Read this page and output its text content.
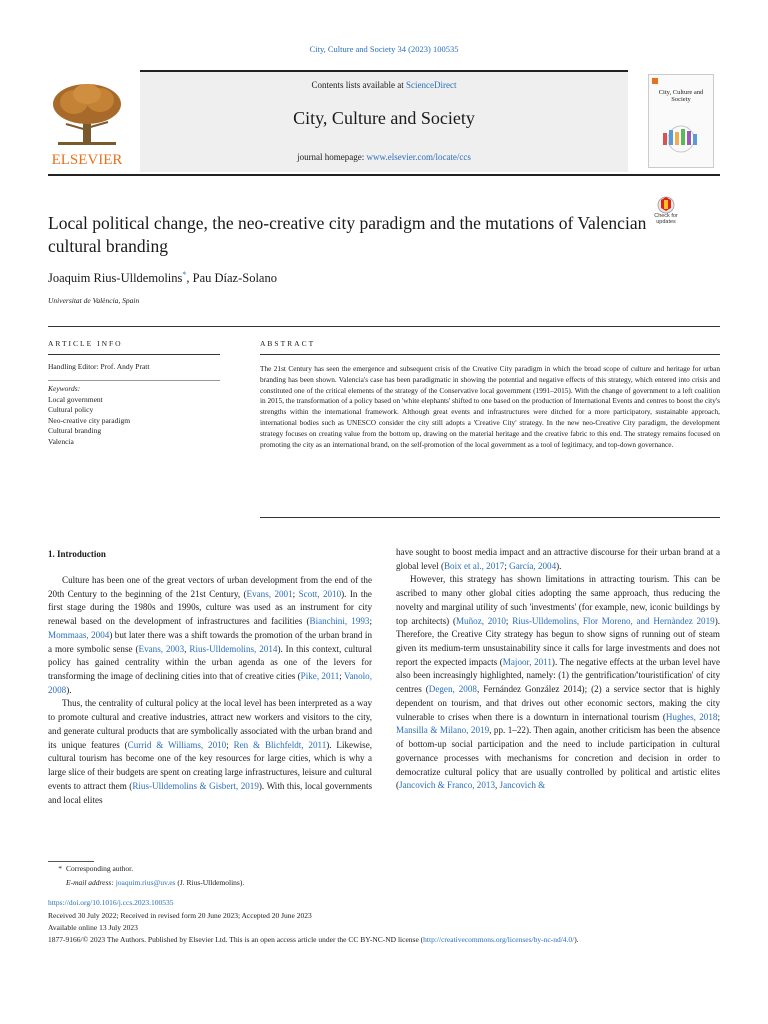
City, Culture and Society 34 (2023) 100535
ELSEVIER
Contents lists available at ScienceDirect
City, Culture and Society
journal homepage: www.elsevier.com/locate/ccs
City, Culture and Society
Local political change, the neo-creative city paradigm and the mutations of Valencian cultural branding
Check for
updates
Joaquim Rius-Ulldemolins*, Pau Díaz-Solano
Universitat de València, Spain
ARTICLE INFO
Handling Editor: Prof. Andy Pratt
Keywords:
Local government
Cultural policy
Neo-creative city paradigm
Cultural branding
Valencia
ABSTRACT
The 21st Century has seen the emergence and subsequent crisis of the Creative City paradigm in which the broad scope of culture and heritage for urban branding has been shown. Valencia's case has been paradigmatic in showing the potential and negative effects of this strategy, which entered into crisis and constituted one of the critical elements of the strategy of the Conservative local government (1991–2015). With the change of government to a left coalition in 2015, the transformation of a policy based on 'white elephants' shifted to one based on the production of International Events and centres to boost the city's strengths within the international framework. Although great events and infrastructures were ditched for a more participatory, sustainable approach, international bodies such as UNESCO consider the city still adopts a 'Creative City' strategy. In the new neo-Creative City paradigm, the development strategy focuses on creating value from the bottom up, drawing on the material heritage and the creative fabric to this end. The strategy remains focused on promoting the city as an international brand, on the self-promotion of the local government as a tool of legitimacy, and top-down governance.
1. Introduction

Culture has been one of the great vectors of urban development from the end of the 20th Century to the beginning of the 21st Century, (Evans, 2001; Scott, 2010). In the first stage during the 1980s and 1990s, culture was used as an instrument for city renewal based on the development of infrastructures and facilities (Bianchini, 1993; Mommaas, 2004) but later there was a shift towards the promotion of the urban brand in a more symbolic sense (Evans, 2003, Rius-Ulldemolins, 2014). In this context, cultural policy has gained centrality within the urban agenda as one of the levers for transforming the image of declining cities into that of creative cities (Pike, 2011; Vanolo, 2008).

Thus, the centrality of cultural policy at the local level has been interpreted as a way to promote cultural and creative industries, attract new workers and visitors to the city, and generate cultural products that are symbolically associated with the urban brand and its unique features (Currid & Williams, 2010; Ren & Blichfeldt, 2011). Likewise, cultural tourism has become one of the key resources for large cities, which is why a large slice of their budgets are spent on creating large infrastructures, leisure and cultural events to attract them (Rius-Ulldemolins & Gisbert, 2019). With this, local governments and local elites

have sought to boost media impact and an attractive discourse for their urban brand at a global level (Boix et al., 2017; García, 2004).

However, this strategy has shown limitations in attracting tourism. This can be ascribed to many other global cities adopting the same approach, thus reducing the novelty and marginal utility of such 'investments' (for example, new, iconic buildings by top architects) (Muñoz, 2010; Rius-Ulldemolins, Flor Moreno, and Hernàndez 2019). Therefore, the Creative City strategy has begun to show signs of running out of steam given its medium-term unsustainability since it calls for large investments and does not report the expected impacts (Majoor, 2011). The negative effects at the urban level have also been increasingly highlighted, namely: (1) the gentrification/'touristification' of city centres (Degen, 2008, Fernández González 2014); (2) a service sector that is highly dependent on tourism, and that drives out other economic sectors, making the city vulnerable to crises when there is a downturn in international tourism (Hughes, 2018; Mansilla & Milano, 2019, pp. 1–22). Then again, another criticism has been the absence of bottom-up social participation and the need to include participation in cultural governance processes with mechanisms for concretion and decision in order to democratize cultural policy that are usually controlled by political and artistic elites (Jancovich & Franco, 2013, Jancovich &

* Corresponding author.
E-mail address: joaquim.rius@uv.es (J. Rius-Ulldemolins).
https://doi.org/10.1016/j.ccs.2023.100535
Received 30 July 2022; Received in revised form 20 June 2023; Accepted 20 June 2023
Available online 13 July 2023
1877-9166/© 2023 The Authors. Published by Elsevier Ltd. This is an open access article under the CC BY-NC-ND license (http://creativecommons.org/licenses/by-nc-nd/4.0/).
